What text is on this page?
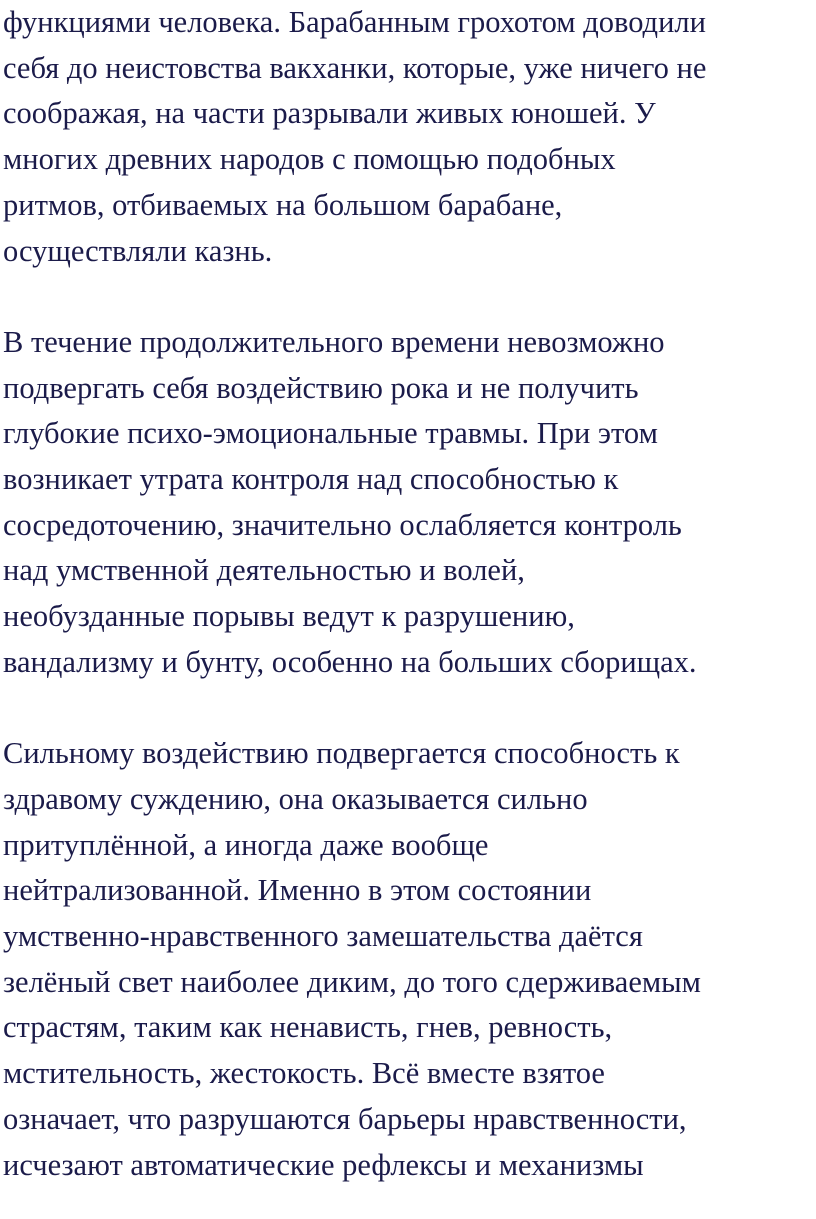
функциями человека. Барабанным грохотом доводили
себя до неистовства вакханки, которые, уже ничего не
соображая, на части разрывали живых юношей. У
многих древних народов с помощью подобных
ритмов, отбиваемых на большом барабане,
осуществляли казнь.
В течение продолжительного времени невозможно
подвергать себя воздействию рока и не получить
глубокие психо-эмоциональные травмы. При этом
возникает утрата контроля над способностью к
сосредоточению, значительно ослабляется контроль
над умственной деятельностью и волей,
необузданные порывы ведут к разрушению,
вандализму и бунту, особенно на больших сборищах.
Сильному воздействию подвергается способность к
здравому суждению, она оказывается сильно
притуплённой, а иногда даже вообще
нейтрализованной. Именно в этом состоянии
умственно-нравственного замешательства даётся
зелёный свет наиболее диким, до того сдерживаемым
страстям, таким как ненависть, гнев, ревность,
мстительность, жестокость. Всё вместе взятое
означает, что разрушаются барьеры нравственности,
исчезают автоматические рефлексы и механизмы
